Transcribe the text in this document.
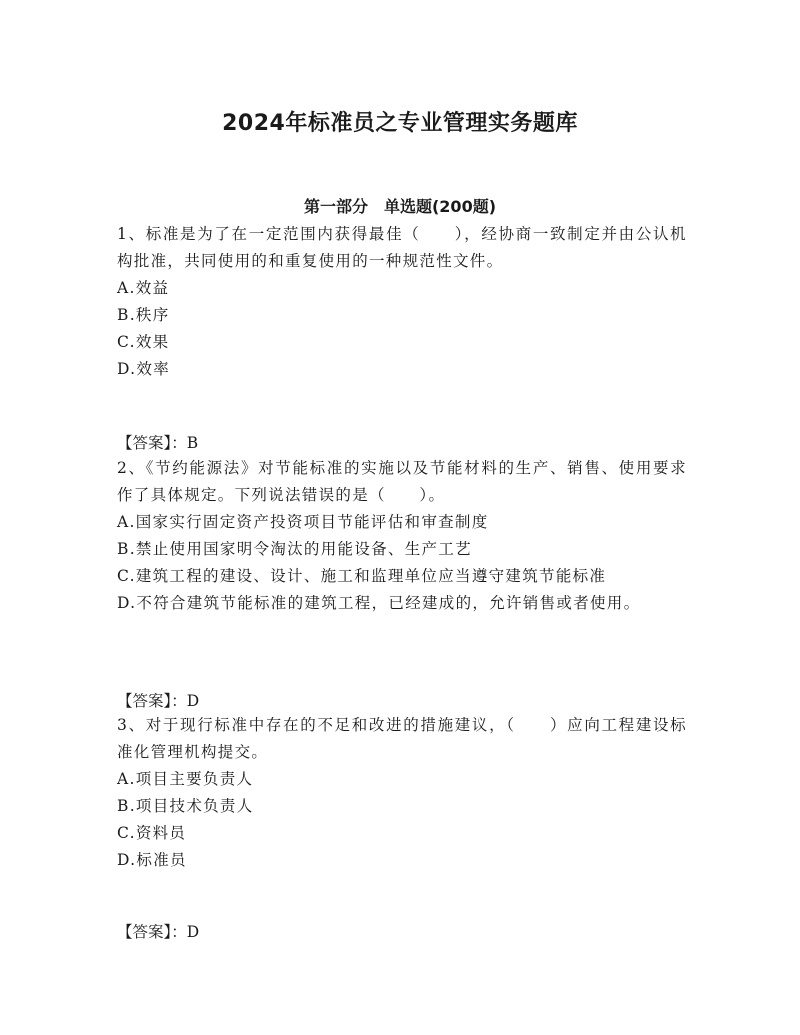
2024年标准员之专业管理实务题库
第一部分　单选题(200题)

1、标准是为了在一定范围内获得最佳（　　），经协商一致制定并由公认机构批准，共同使用的和重复使用的一种规范性文件。

A.效益
B.秩序
C.效果
D.效率

【答案】：B

2、《节约能源法》对节能标准的实施以及节能材料的生产、销售、使用要求作了具体规定。下列说法错误的是（　　）。

A.国家实行固定资产投资项目节能评估和审查制度
B.禁止使用国家明令淘汰的用能设备、生产工艺
C.建筑工程的建设、设计、施工和监理单位应当遵守建筑节能标准
D.不符合建筑节能标准的建筑工程，已经建成的，允许销售或者使用。

【答案】：D

3、对于现行标准中存在的不足和改进的措施建议，（　　）应向工程建设标准化管理机构提交。

A.项目主要负责人
B.项目技术负责人
C.资料员
D.标准员

【答案】：D
